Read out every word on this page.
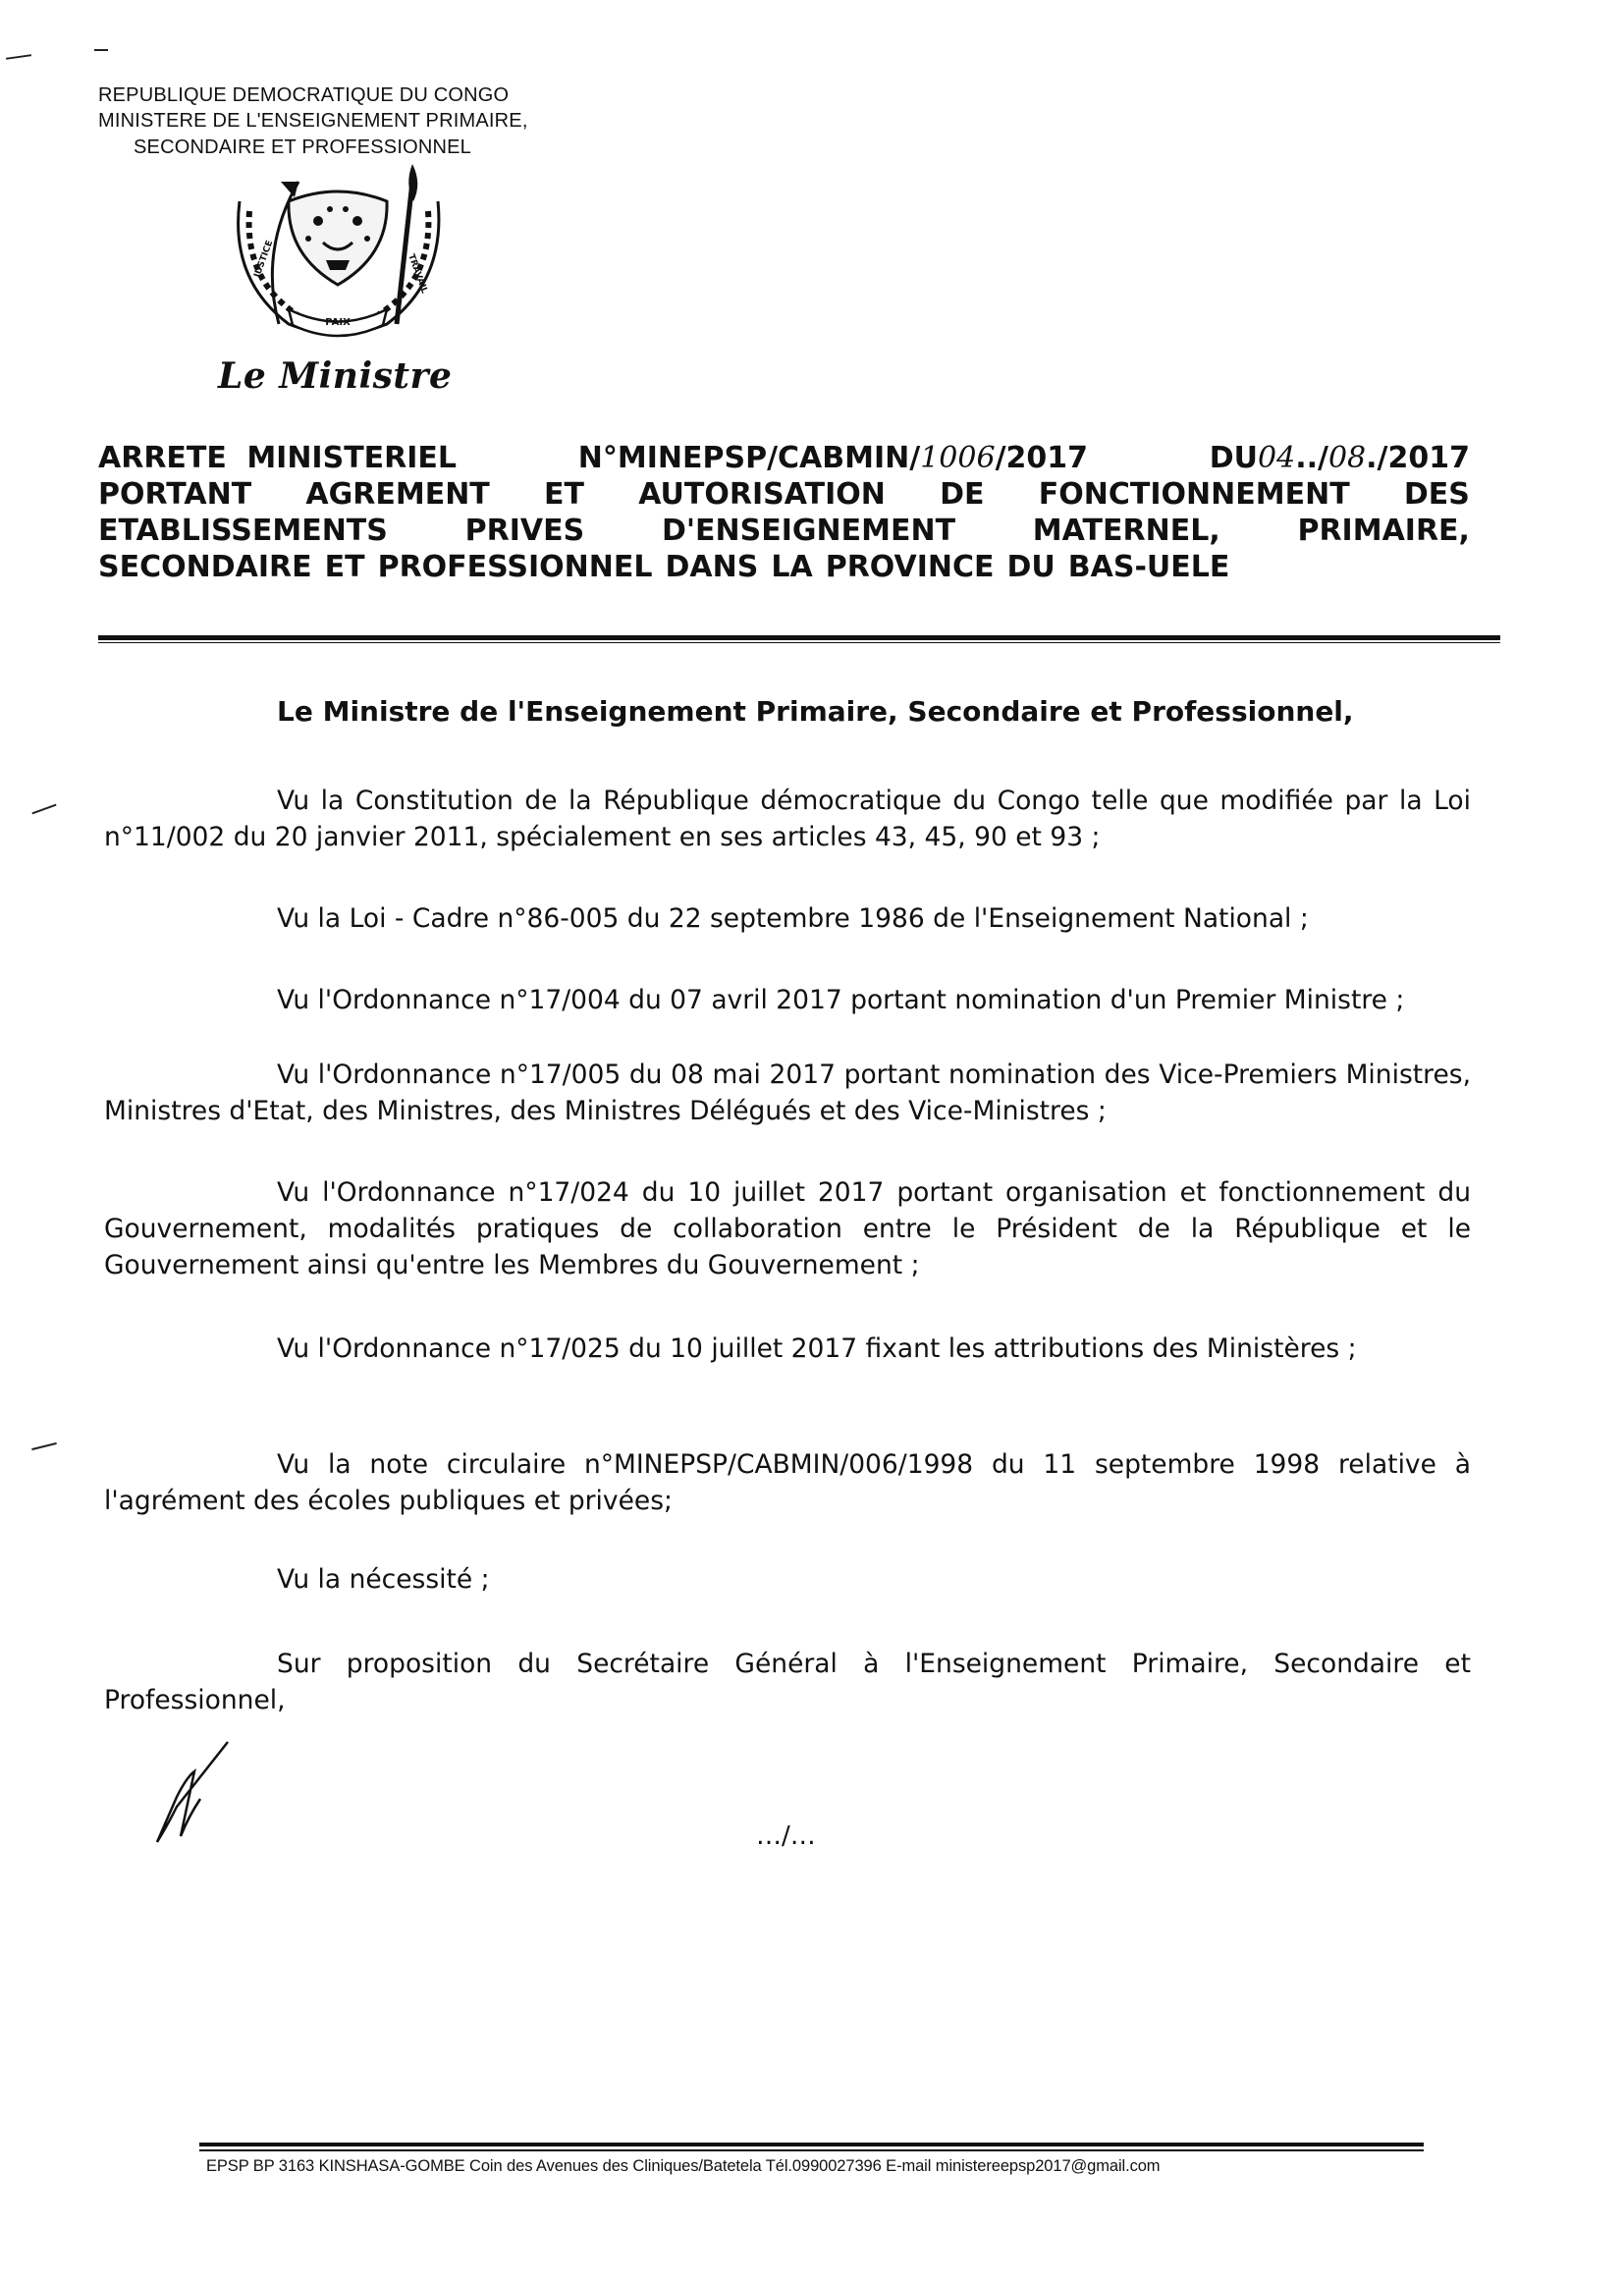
REPUBLIQUE DEMOCRATIQUE DU CONGO
MINISTERE DE L'ENSEIGNEMENT PRIMAIRE,
SECONDAIRE ET PROFESSIONNEL
PAIX
JUSTICE	TRAVAIL
Le Ministre
ARRETE MINISTERIEL	N°MINEPSP/CABMIN/1006/2017	DU04../08./2017
PORTANT AGREMENT ET AUTORISATION DE FONCTIONNEMENT DES
ETABLISSEMENTS	PRIVES	D'ENSEIGNEMENT	MATERNEL,	PRIMAIRE,
SECONDAIRE ET PROFESSIONNEL DANS LA PROVINCE DU BAS-UELE
Le Ministre de l'Enseignement Primaire, Secondaire et Professionnel,
Vu la Constitution de la République démocratique du Congo telle que modifiée par la Loi n°11/002 du 20 janvier 2011, spécialement en ses articles 43, 45, 90 et 93 ;
Vu la Loi - Cadre n°86-005 du 22 septembre 1986 de l'Enseignement National ;
Vu l'Ordonnance n°17/004 du 07 avril 2017 portant nomination d'un Premier Ministre ;
Vu l'Ordonnance n°17/005 du 08 mai 2017 portant nomination des Vice-Premiers Ministres, Ministres d'Etat, des Ministres, des Ministres Délégués et des Vice-Ministres ;
Vu l'Ordonnance n°17/024 du 10 juillet 2017 portant organisation et fonctionnement du Gouvernement, modalités pratiques de collaboration entre le Président de la République et le Gouvernement ainsi qu'entre les Membres du Gouvernement ;
Vu l'Ordonnance n°17/025 du 10 juillet 2017 fixant les attributions des Ministères ;
Vu la note circulaire n°MINEPSP/CABMIN/006/1998 du 11 septembre 1998 relative à l'agrément des écoles publiques et privées;
Vu la nécessité ;
Sur proposition du Secrétaire Général à l'Enseignement Primaire, Secondaire et Professionnel,
…/…
EPSP BP 3163 KINSHASA-GOMBE Coin des Avenues des Cliniques/Batetela Tél.0990027396 E-mail ministereepsp2017@gmail.com
